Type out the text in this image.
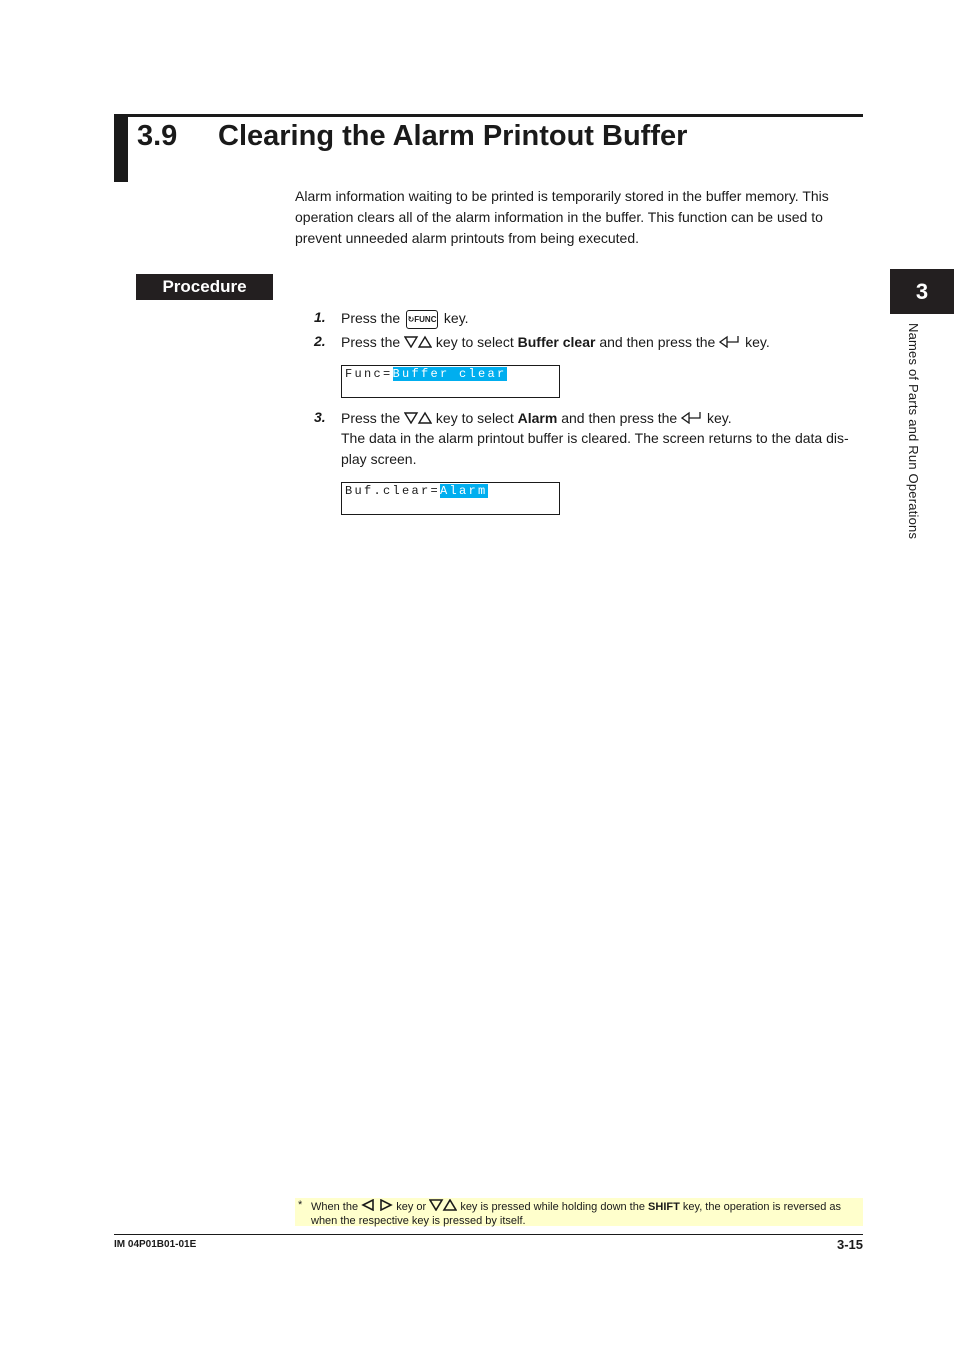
3.9 Clearing the Alarm Printout Buffer
Alarm information waiting to be printed is temporarily stored in the buffer memory. This operation clears all of the alarm information in the buffer. This function can be used to prevent unneeded alarm printouts from being executed.
Procedure	3
Names of Parts and Run Operations
1. Press the ↻ FUNC key.
2. Press the	key to select Buffer clear and then press the key.
Func=Buffer clear
3. Press the	key to select Alarm and then press the key.
The data in the alarm printout buffer is cleared. The screen returns to the data dis-play screen.
Buf.clear=Alarm
* When the	key or	key is pressed while holding down the SHIFT key, the operation is reversed as when the respective key is pressed by itself.
IM 04P01B01-01E	3-15
